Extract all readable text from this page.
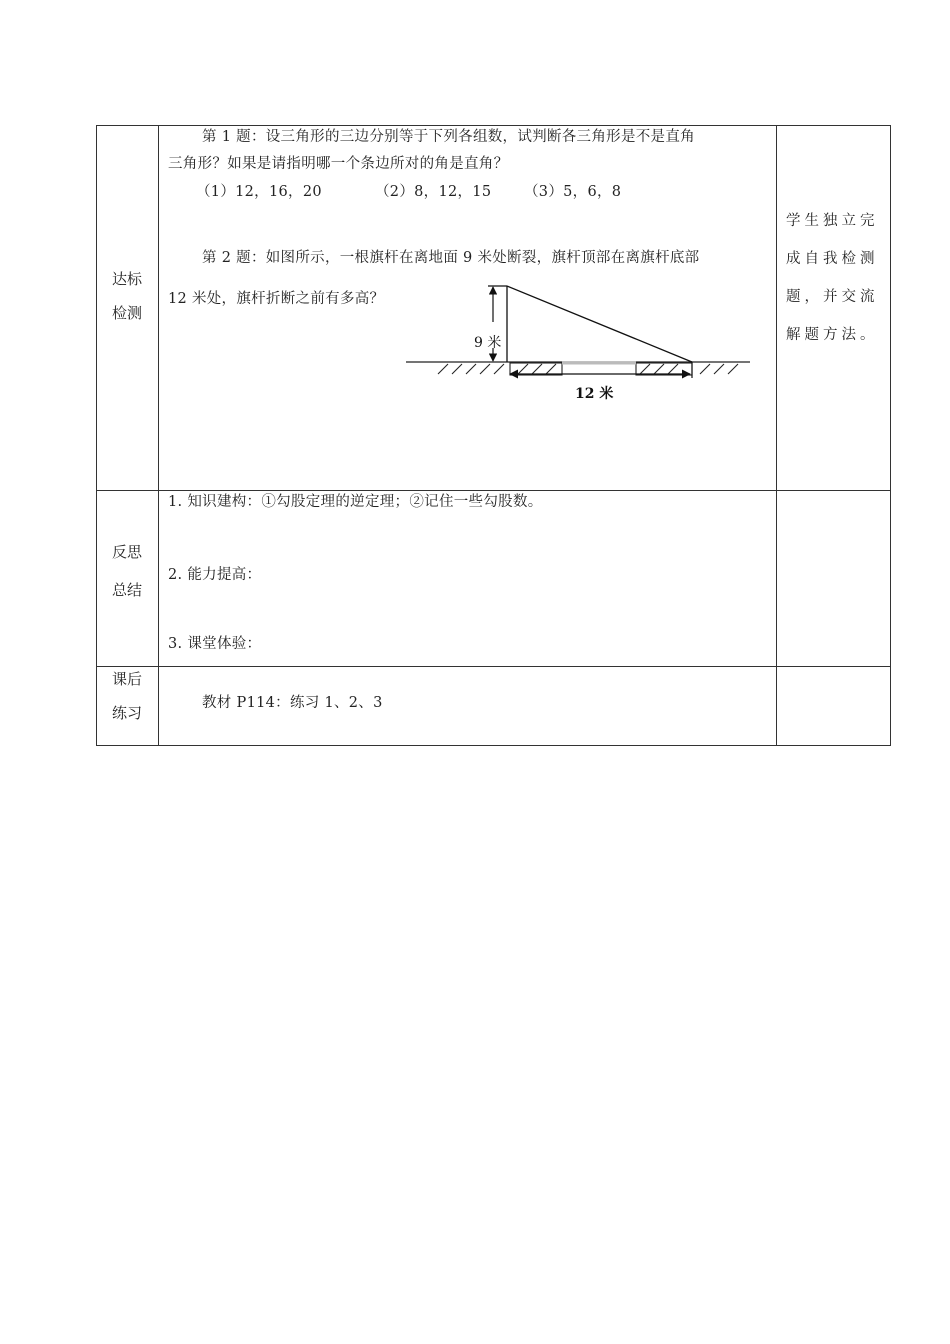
达标
检测
第 1 题：设三角形的三边分别等于下列各组数，试判断各三角形是不是直角
三角形？如果是请指明哪一个条边所对的角是直角？
（1）12，16，20	（2）8，12，15 （3）5，6，8
第 2 题：如图所示，一根旗杆在离地面 9 米处断裂，旗杆顶部在离旗杆底部
12 米处，旗杆折断之前有多高？
9 米
12 米
学生独立完
成自我检测
题，并交流
解题方法。
反思
总结
1. 知识建构：①勾股定理的逆定理；②记住一些勾股数。
2. 能力提高：
3. 课堂体验：
课后
练习
教材 P114：练习 1、2、3
